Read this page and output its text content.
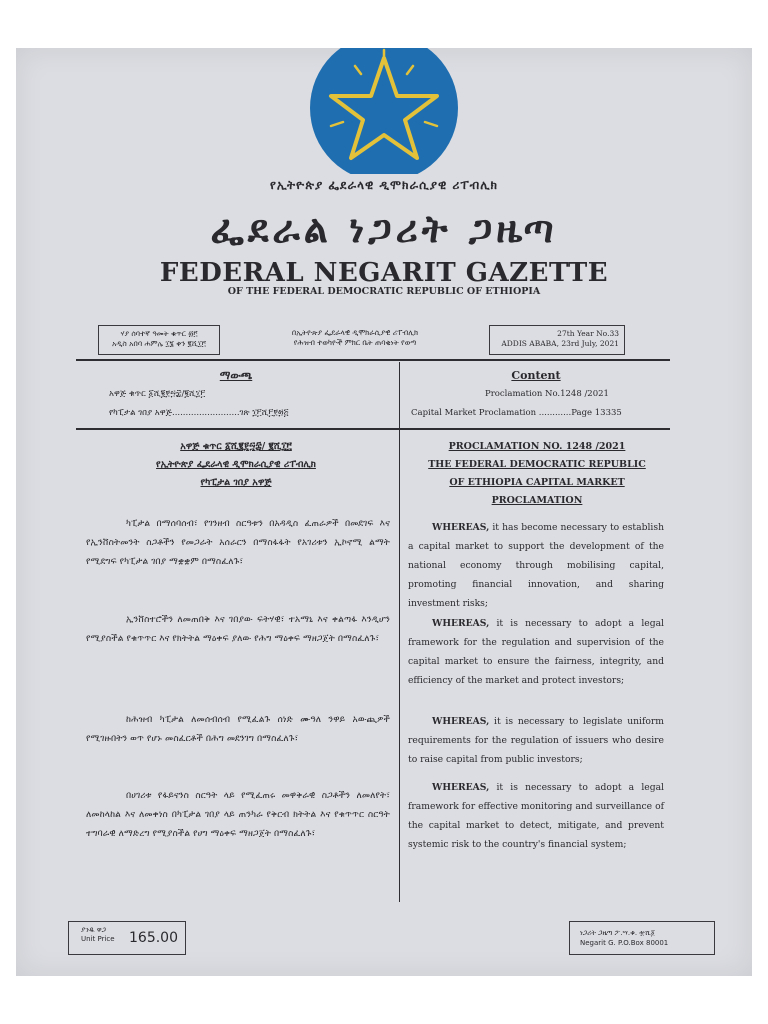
የኢትዮጵያ ፌደራላዊ ዲሞክራሲያዊ ሪፐብሊክ
ፌደራል ነጋሪት ጋዜጣ
FEDERAL NEGARIT GAZETTE
OF THE FEDERAL DEMOCRATIC REPUBLIC OF ETHIOPIA
ሃያ ሰባተኛ ዓመት ቁጥር ፴፫
አዲስ አበባ ሐምሌ ፲፮ ቀን ፪ሺ፲፫
በኢትዮጵያ ፌደራላዊ ዲሞክራሲያዊ ሪፐብሊክ
የሕዝብ ተወካዮች ምክር ቤት ጠባቂነት የወጣ
27th Year No.33
ADDIS ABABA, 23rd July, 2021
ማውጫ
አዋጅ ቁጥር ፩ሺ፪፻፵፰/፪ሺ፲፫
የካፒታል ገበያ አዋጅ.........................ገጽ ፲፫ሺ፫፻፴፭
Content
Proclamation No.1248 /2021
Capital Market Proclamation ............Page 13335
አዋጅ ቁጥር ፩ሺ፪፻፵፰/ ፪ሺ፲፫
የኢትዮጵያ ፌደራላዊ ዲሞክራሲያዊ ሪፐብሊክ
የካፒታል ገበያ አዋጅ
ካፒታል በማሰባሰብ፣ የገንዘብ ስርዓቱን በአዳዲስ ፈጠራዎች በመደገፍ እና የኢንቨስትመንት ስጋቶችን የመጋራት አሰራርን በማስፋፋት የአገሪቱን ኢኮኖሚ ልማት የሚደግፍ የካፒታል ገበያ ማቋቋም በማስፈለጉ፣
ኢንቨስተሮችን ለመጠበቅ እና ገበያው ፍትሃዊ፣ ተአማኒ እና ቀልጣፋ እንዲሆን የሚያስችል የቁጥጥር እና የክትትል ማዕቀፍ ያለው የሕግ ማዕቀፍ ማዘጋጀት በማስፈለጉ፣
ከሕዝብ ካፒታል ለመሰብሰብ የሚፈልጉ ሰነድ ሙዓለ ንዋይ አውጪዎች የሚገዙበትን ወጥ የሆኑ መስፈርቶች በሕግ መደንገግ በማስፈለጉ፣
በሀገሪቱ የፋይናንስ ስርዓት ላይ የሚፈጠሩ መዋቅራዊ ስጋቶችን ለመለየት፣ ለመከላከል እና ለመቀነስ በካፒታል ገበያ ላይ ጠንካራ የቅርብ ክትትል እና የቁጥጥር ስርዓት ተግባራዊ ለማድረግ የሚያስችል የሀግ ማዕቀፍ ማዘጋጀት በማስፈለጉ፣
PROCLAMATION NO. 1248 /2021
THE FEDERAL DEMOCRATIC REPUBLIC
OF ETHIOPIA CAPITAL MARKET
PROCLAMATION
WHEREAS, it has become necessary to establish a capital market to support the development of the national economy through mobilising capital, promoting financial innovation, and sharing investment risks;
WHEREAS, it is necessary to adopt a legal framework for the regulation and supervision of the capital market to ensure the fairness, integrity, and efficiency of the market and protect investors;
WHEREAS, it is necessary to legislate uniform requirements for the regulation of issuers who desire to raise capital from public investors;
WHEREAS, it is necessary to adopt a legal framework for effective monitoring and surveillance of the capital market to detect, mitigate, and prevent systemic risk to the country's financial system;
ያንዱ ዋጋ
Unit Price 165.00	ነጋሪት ጋዜጣ ፖ.ሣ.ቁ. ፹ሺ፩
Negarit G. P.O.Box 80001
